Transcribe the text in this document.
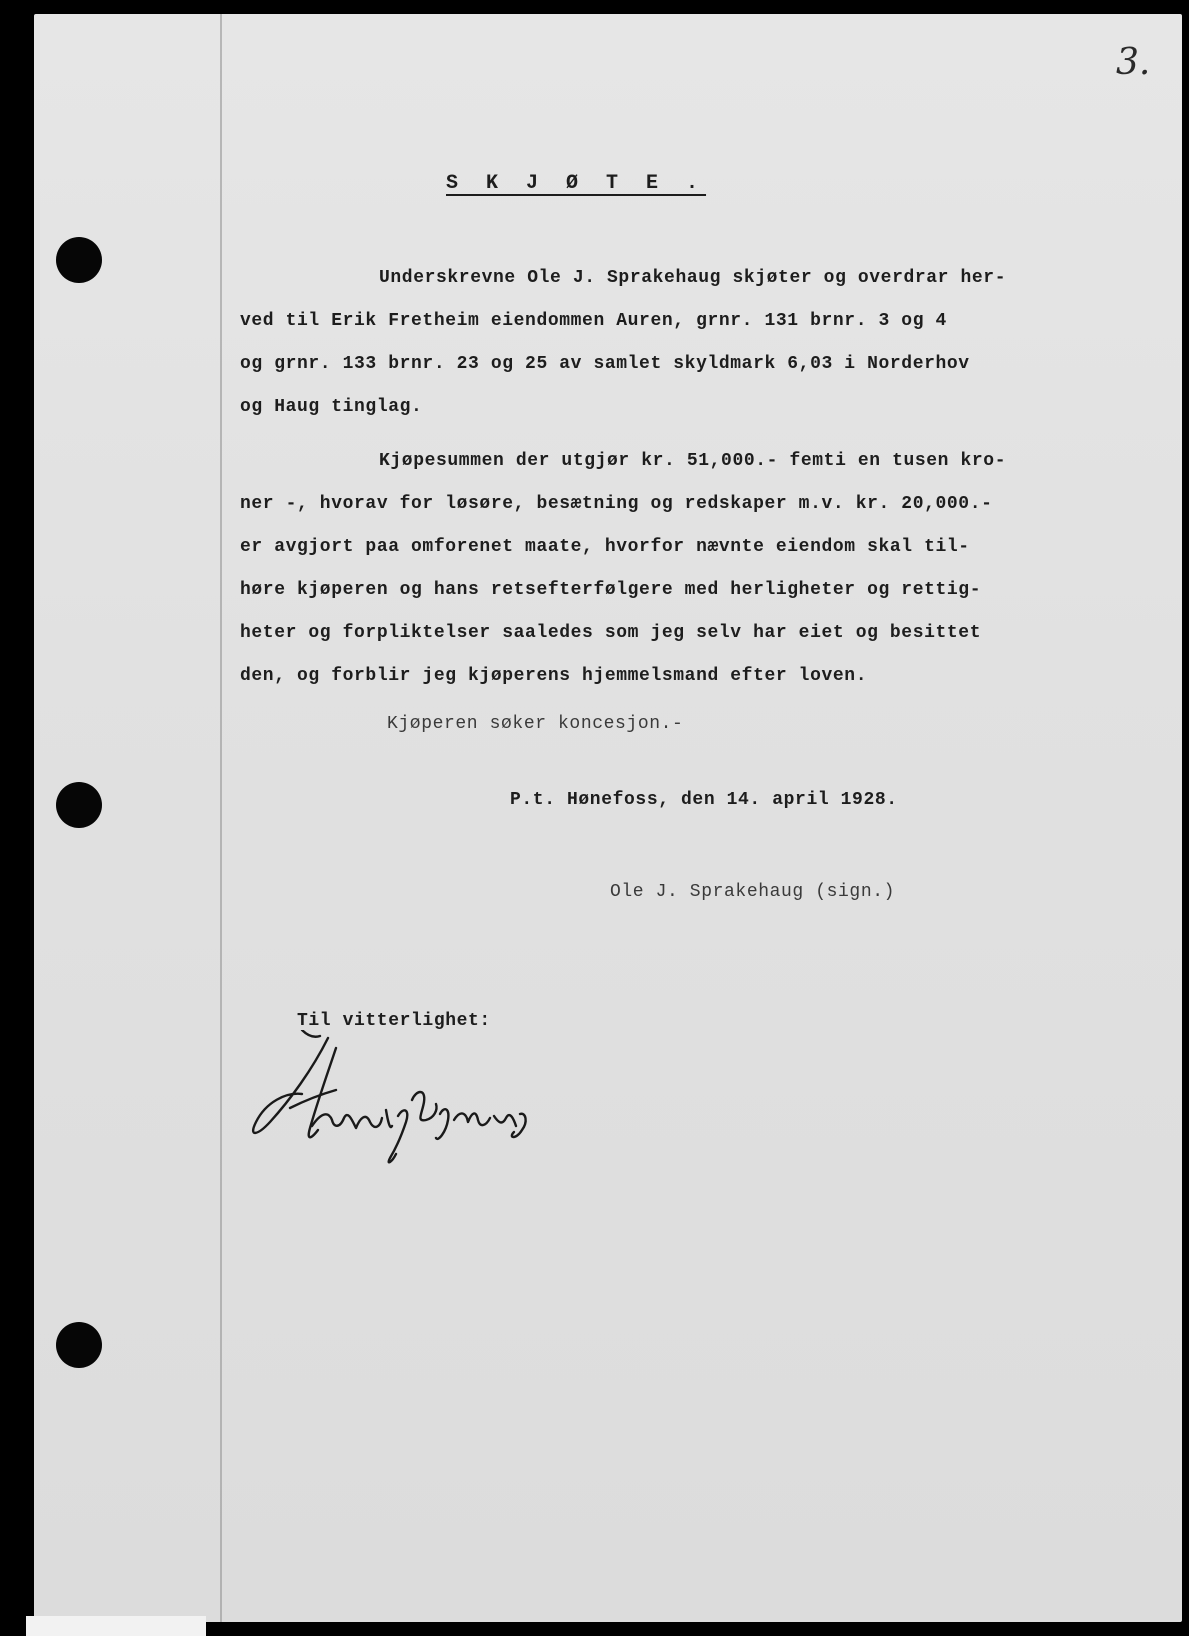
3.

S K J Ø T E .

Underskrevne Ole J. Sprakehaug skjøter og overdrar her-

ved til Erik Fretheim eiendommen Auren, grnr. 131 brnr. 3 og 4

og grnr. 133 brnr. 23 og 25 av samlet skyldmark 6,03 i Norderhov

og Haug tinglag.

Kjøpesummen der utgjør kr. 51,000.- femti en tusen kro-

ner -, hvorav for løsøre, besætning og redskaper m.v. kr. 20,000.-

er avgjort paa omforenet maate, hvorfor nævnte eiendom skal til-

høre kjøperen og hans retsefterfølgere med herligheter og rettig-

heter og forpliktelser saaledes som jeg selv har eiet og besittet

den, og forblir jeg kjøperens hjemmelsmand efter loven.

Kjøperen søker koncesjon.-

P.t. Hønefoss, den 14. april 1928.

Ole J. Sprakehaug (sign.)

Til vitterlighet:
